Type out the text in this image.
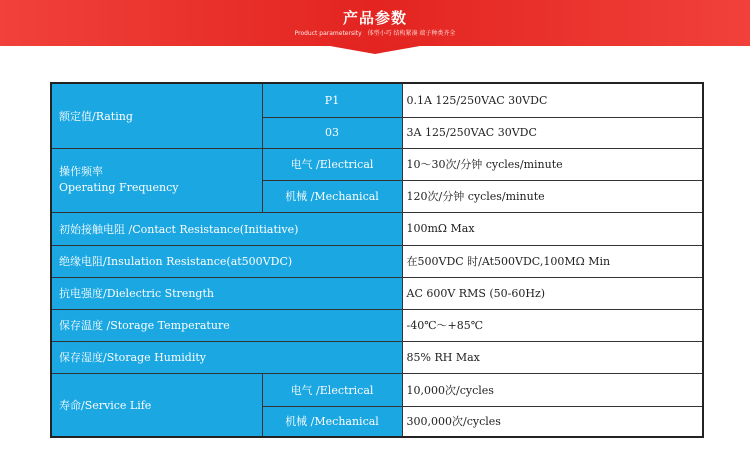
产品参数
Product parametersity 体型小巧 结构紧凑 端子种类齐全
额定值/Rating	P1	0.1A 125/250VAC 30VDC
	03	3A 125/250VAC 30VDC

操作频率
Operating Frequency	电气 /Electrical	10～30次/分钟 cycles/minute
	机械 /Mechanical	120次/分钟 cycles/minute
初始接触电阻 /Contact Resistance(Initiative)		100mΩ Max
绝缘电阻/Insulation Resistance(at500VDC)		在500VDC 时/At500VDC,100MΩ Min
抗电强度/Dielectric Strength		AC 600V RMS (50-60Hz)
保存温度 /Storage Temperature		-40℃～+85℃
保存湿度/Storage Humidity		85% RH Max
寿命/Service Life	电气 /Electrical	10,000次/cycles
	机械 /Mechanical	300,000次/cycles
